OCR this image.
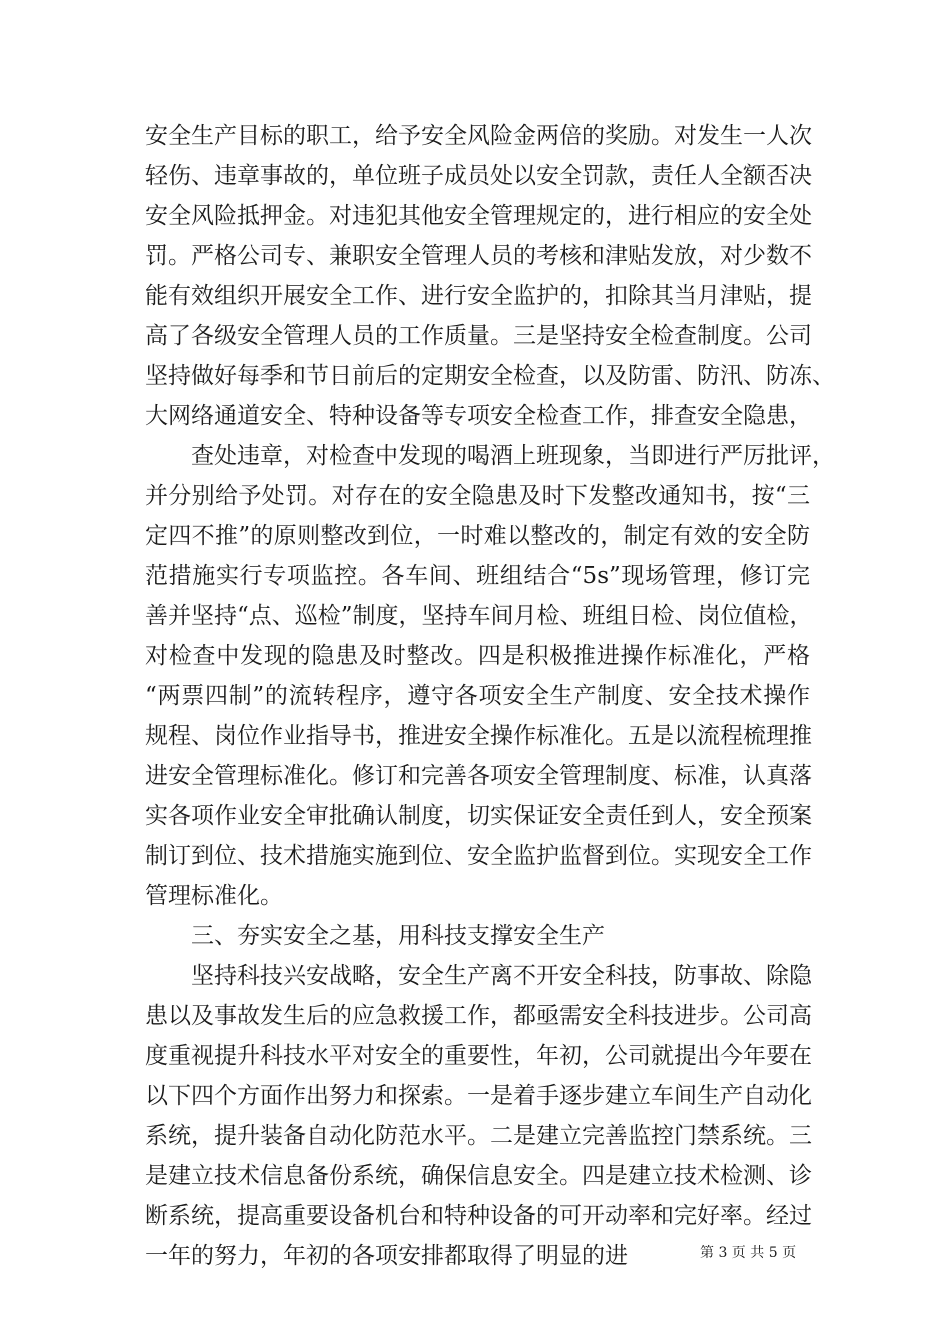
安全生产目标的职工，给予安全风险金两倍的奖励。对发生一人次
轻伤、违章事故的，单位班子成员处以安全罚款，责任人全额否决
安全风险抵押金。对违犯其他安全管理规定的，进行相应的安全处
罚。严格公司专、兼职安全管理人员的考核和津贴发放，对少数不
能有效组织开展安全工作、进行安全监护的，扣除其当月津贴，提
高了各级安全管理人员的工作质量。三是坚持安全检查制度。公司
坚持做好每季和节日前后的定期安全检查，以及防雷、防汛、防冻、
大网络通道安全、特种设备等专项安全检查工作，排查安全隐患，
查处违章，对检查中发现的喝酒上班现象，当即进行严厉批评，
并分别给予处罚。对存在的安全隐患及时下发整改通知书，按“三
定四不推”的原则整改到位，一时难以整改的，制定有效的安全防
范措施实行专项监控。各车间、班组结合“5s”现场管理，修订完
善并坚持“点、巡检”制度，坚持车间月检、班组日检、岗位值检，
对检查中发现的隐患及时整改。四是积极推进操作标准化，严格
“两票四制”的流转程序，遵守各项安全生产制度、安全技术操作
规程、岗位作业指导书，推进安全操作标准化。五是以流程梳理推
进安全管理标准化。修订和完善各项安全管理制度、标准，认真落
实各项作业安全审批确认制度，切实保证安全责任到人，安全预案
制订到位、技术措施实施到位、安全监护监督到位。实现安全工作
管理标准化。
三、夯实安全之基，用科技支撑安全生产
坚持科技兴安战略，安全生产离不开安全科技，防事故、除隐
患以及事故发生后的应急救援工作，都亟需安全科技进步。公司高
度重视提升科技水平对安全的重要性，年初，公司就提出今年要在
以下四个方面作出努力和探索。一是着手逐步建立车间生产自动化
系统，提升装备自动化防范水平。二是建立完善监控门禁系统。三
是建立技术信息备份系统，确保信息安全。四是建立技术检测、诊
断系统，提高重要设备机台和特种设备的可开动率和完好率。经过
一年的努力，年初的各项安排都取得了明显的进	第 3 页 共 5 页
